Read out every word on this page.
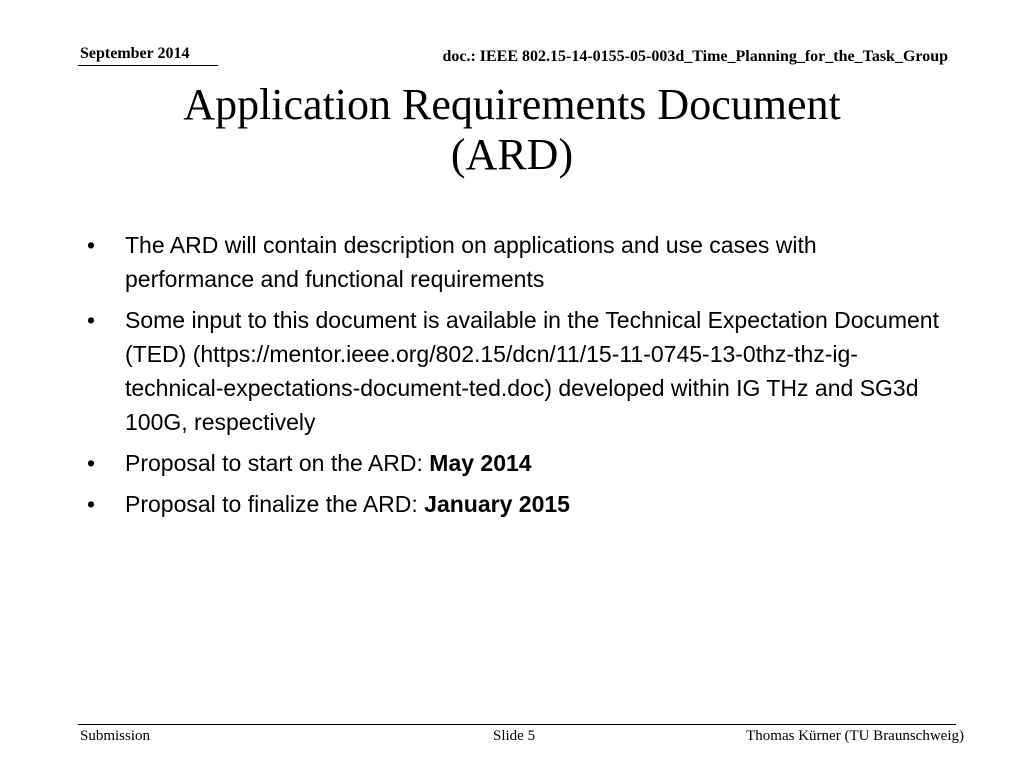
September 2014	doc.: IEEE 802.15-14-0155-05-003d_Time_Planning_for_the_Task_Group
Application Requirements Document
(ARD)
• The ARD will contain description on applications and use cases with performance and functional requirements
• Some input to this document is available in the Technical Expectation Document (TED) (https://mentor.ieee.org/802.15/dcn/11/15-11-0745-13-0thz-thz-ig-technical-expectations-document-ted.doc) developed within IG THz and SG3d 100G, respectively
• Proposal to start on the ARD: May 2014
• Proposal to finalize the ARD: January 2015
Submission	Slide 5	Thomas Kürner (TU Braunschweig)
